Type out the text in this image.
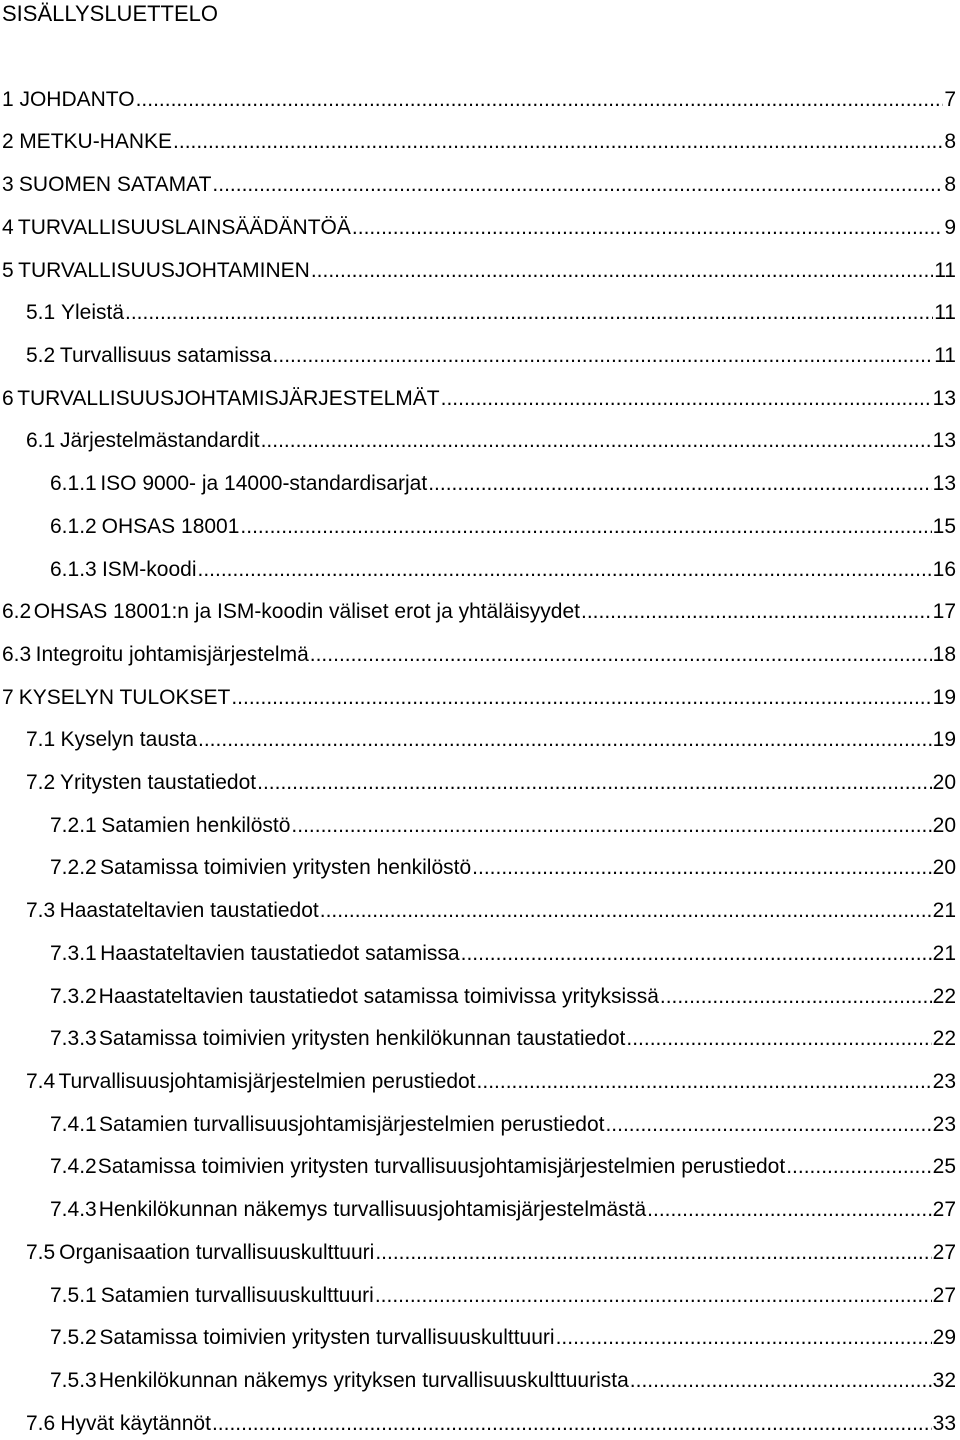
SISÄLLYSLUETTELO
1 JOHDANTO .....	7
2 METKU-HANKE .....	8
3 SUOMEN SATAMAT .....	8
4 TURVALLISUUSLAINSÄÄDÄNTÖÄ .....	9
5 TURVALLISUUSJOHTAMINEN .....	11
5.1 Yleistä .....	11
5.2 Turvallisuus satamissa .....	11
6 TURVALLISUUSJOHTAMISJÄRJESTELMÄT .....	13
6.1 Järjestelmästandardit .....	13
6.1.1 ISO 9000- ja 14000-standardisarjat .....	13
6.1.2 OHSAS 18001 .....	15
6.1.3 ISM-koodi .....	16
6.2 OHSAS 18001:n ja ISM-koodin väliset erot ja yhtäläisyydet .....	17
6.3 Integroitu johtamisjärjestelmä .....	18
7 KYSELYN TULOKSET .....	19
7.1 Kyselyn tausta .....	19
7.2 Yritysten taustatiedot .....	20
7.2.1 Satamien henkilöstö .....	20
7.2.2 Satamissa toimivien yritysten henkilöstö .....	20
7.3 Haastateltavien taustatiedot .....	21
7.3.1 Haastateltavien taustatiedot satamissa .....	21
7.3.2 Haastateltavien taustatiedot satamissa toimivissa yrityksissä .....	22
7.3.3 Satamissa toimivien yritysten henkilökunnan taustatiedot .....	22
7.4 Turvallisuusjohtamisjärjestelmien perustiedot .....	23
7.4.1 Satamien turvallisuusjohtamisjärjestelmien perustiedot .....	23
7.4.2 Satamissa toimivien yritysten turvallisuusjohtamisjärjestelmien perustiedot .....	25
7.4.3 Henkilökunnan näkemys turvallisuusjohtamisjärjestelmästä .....	27
7.5 Organisaation turvallisuuskulttuuri .....	27
7.5.1 Satamien turvallisuuskulttuuri .....	27
7.5.2 Satamissa toimivien yritysten turvallisuuskulttuuri .....	29
7.5.3 Henkilökunnan näkemys yrityksen turvallisuuskulttuurista .....	32
7.6 Hyvät käytännöt .....	33
